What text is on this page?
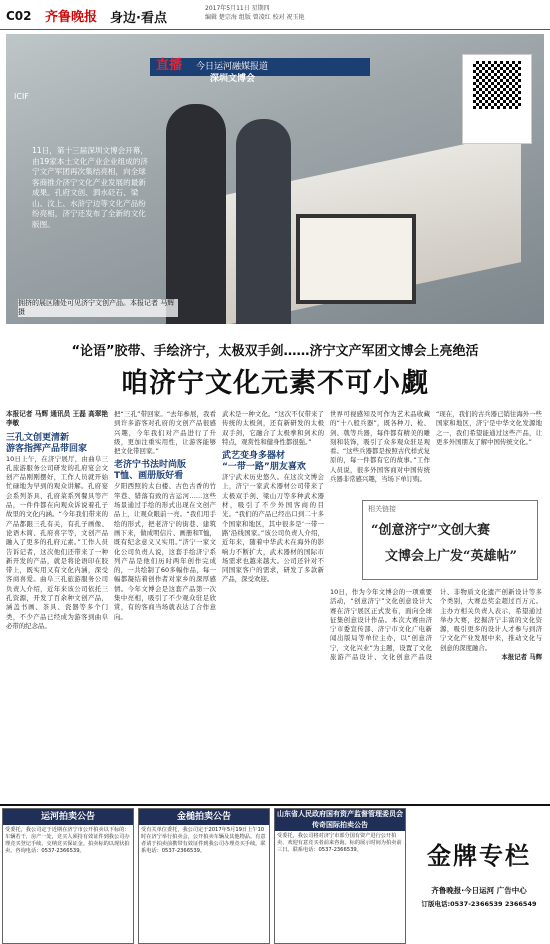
C02 齐鲁晚报 身边·看点
2017年5月11日 星期四
编辑 楚宗海 组版 曾凌红 校对 祝玉艳
今日运河融媒报道
直播
深圳文博会
ICIF
11日，第十三届深圳文博会开幕，由19家本土文化产业企业组成的济宁文产军团再次集结亮相，向全球客商推介济宁文化产业发展的最新成果。孔府文创、泗水砭石、梁山、汶上、水浒宁边等文化产品纷纷亮相，济宁还发布了全新的文化版图。
拥挤的展区随处可见济宁文创产品。本报记者 马辉 摄
“论语”胶带、手绘济宁，太极双手剑……济宁文产军团文博会上亮绝活
咱济宁文化元素不可小觑
本报记者 马辉 通讯员 王磊 高翠艳 李敏
三孔文创更清新
游客指挥产品带回家
10日上午，在济宁展厅，由曲阜三孔旅游服务公司研发的孔府宴会文创产品刚刚摆好，工作人员就开始忙碌地为早到的观众讲解。孔府宴会系列茶具、孔府菜系列餐具等产品，一件件都在向观众诉说着孔子故里的文化内涵。“今年我们带来的产品都跟三孔有关，有孔子画像、论语木简、孔府喜字等，文创产品融入了更多的孔府元素。”工作人员告诉记者，这次他们还带来了一种新开发的产品，就是将论语印在胶带上，既实用又有文化内涵，深受客商喜爱。曲阜三孔旅游服务公司负责人介绍，近年来该公司依托三孔资源，开发了百余种文创产品，涵盖书画、茶具、瓷器等多个门类，不少产品已经成为游客到曲阜必带的纪念品。
把“三孔”带回家。“去年参展，我看到许多游客对孔府的文创产品很感兴趣，今年我们对产品进行了升级，更加注重实用性，让游客能够把文化带回家。”
老济宁书法时尚版
T恤、画册版好看
夕阳西照的太白楼、古色古香的竹竿巷、错落有致的古运河……这些场景通过手绘的形式出现在文创产品上，让观众眼前一亮。“我们用手绘的形式，把老济宁的街巷、建筑画下来，做成明信片、画册和T恤，既有纪念意义又实用。”济宁一家文化公司负责人说，这套手绘济宁系列产品是他们历时两年创作完成的，一共绘制了60多幅作品，每一幅都凝结着创作者对家乡的深厚感情。今年文博会是这套产品第一次集中亮相，吸引了不少观众驻足欣赏，有的客商当场就表达了合作意向。
武术是一种文化。“这次不仅带来了传统的太极剑，还有新研发的太极双手剑，它融合了太极拳和剑术的特点，观赏性和健身性都很强。”
武艺变身多器材
“一带一路”朋友喜欢
济宁武术历史悠久。在这次文博会上，济宁一家武术器材公司带来了太极双手剑、梁山刀等多种武术器材，吸引了不少外国客商的目光。“我们的产品已经出口到二十多个国家和地区，其中很多是‘一带一路’沿线国家。”该公司负责人介绍，近年来，随着中华武术在海外的影响力不断扩大，武术器材的国际市场需求也越来越大。公司还针对不同国家客户的需求，研发了多款新产品，深受欢迎。
世界可视感知及可作为艺术品收藏的“十八般兵器”，既各种刀、枪、剑、戟等兵器，每件都有精美的雕刻和装饰，吸引了众多观众驻足观看。“这些兵器都是按照古代样式复原的，每一件都有它的故事。”工作人员说，很多外国客商对中国传统兵器非常感兴趣，当场下单订购。
“现在，我们的古兵器已销往海外一些国家和地区，济宁是中华文化发源地之一，我们希望能通过这些产品，让更多外国朋友了解中国传统文化。”
相关链接
“创意济宁”文创大赛
文博会上广发“英雄帖”
10日，作为今年文博会的一项重要活动，“创意济宁”文化创意设计大赛在济宁展区正式发布，面向全球征集创意设计作品。本次大赛由济宁市委宣传部、济宁市文化广电新闻出版局等单位主办，以“创意济宁，文化兴业”为主题，设置了文化旅游产品设计、文化创意产品设计、非物质文化遗产创新设计等多个类别，大赛总奖金超过百万元。主办方相关负责人表示，希望通过举办大赛，挖掘济宁丰富的文化资源，吸引更多的设计人才参与到济宁文化产业发展中来，推动文化与创意的深度融合。
本报记者 马辉
运河拍卖公告
受委托，我公司定于近期在济宁市公开拍卖以下标的：车辆若干，房产一处，竞买人须持有效证件到我公司办理竞买登记手续，交纳竞买保证金。拍卖标的以现状拍卖。咨询电话：0537-2366539。
金槌拍卖公告
受有关单位委托，我公司定于2017年5月19日上午10时在济宁举行拍卖会，公开拍卖车辆及其他物品。有意者请于拍卖前携带有效证件到我公司办理竞买手续。联系电话：0537-2366539。
山东省人民政府国有资产监督管理委员会
传奇国际拍卖公告
受委托，我公司将对济宁市部分国有资产进行公开拍卖，欢迎有意竞买者前来咨询。标的展示时间为拍卖前三日。联系电话：0537-2366539。	金牌专栏
齐鲁晚报·今日运河 广告中心
订版电话:0537-2366539 2366549
